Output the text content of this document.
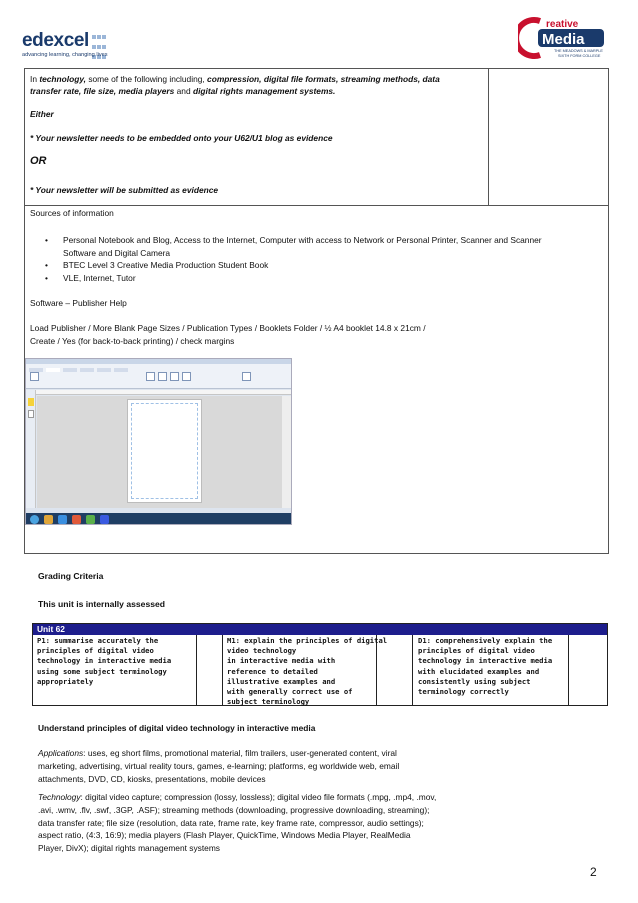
edexcel

advancing learning, changing lives
reative
Media
THE MEADOWS & MARPLE
SIXTH FORM COLLEGE
In technology, some of the following including, compression, digital file formats, streaming methods, data
transfer rate, file size, media players and digital rights management systems.
Either
* Your newsletter needs to be embedded onto your U62/U1 blog as evidence
OR
* Your newsletter will be submitted as evidence
Sources of information
• Personal Notebook and Blog, Access to the Internet, Computer with access to Network or Personal Printer, Scanner and Scanner
Software and Digital Camera
• BTEC Level 3 Creative Media Production Student Book
• VLE, Internet, Tutor
Software – Publisher Help
Load Publisher / More Blank Page Sizes / Publication Types / Booklets Folder / ½ A4 booklet 14.8 x 21cm /
Create / Yes (for back-to-back printing) / check margins
Grading Criteria
This unit is internally assessed
Unit 62
P1: summarise accurately the
principles of digital video
technology in interactive media
using some subject terminology
appropriately
M1: explain the principles of digital
video technology
in interactive media with
reference to detailed
illustrative examples and
with generally correct use of
subject terminology
D1: comprehensively explain the
principles of digital video
technology in interactive media
with elucidated examples and
consistently using subject
terminology correctly
Understand principles of digital video technology in interactive media
Applications: uses, eg short films, promotional material, film trailers, user-generated content, viral
marketing, advertising, virtual reality tours, games, e-learning; platforms, eg worldwide web, email
attachments, DVD, CD, kiosks, presentations, mobile devices
Technology: digital video capture; compression (lossy, lossless); digital video file formats (.mpg, .mp4, .mov,
.avi, .wmv, .flv, .swf, .3GP, .ASF); streaming methods (downloading, progressive downloading, streaming);
data transfer rate; file size (resolution, data rate, frame rate, key frame rate, compressor, audio settings);
aspect ratio, (4:3, 16:9); media players (Flash Player, QuickTime, Windows Media Player, RealMedia
Player, DivX); digital rights management systems
2
